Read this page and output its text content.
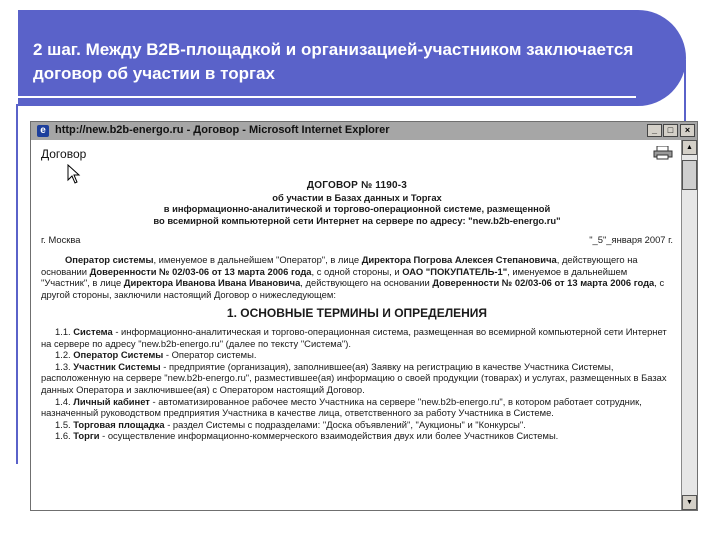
2 шаг. Между B2B-площадкой и организацией-участником заключается договор об участии в торгах
e http://new.b2b-energo.ru - Договор - Microsoft Internet Explorer	_	□	×
Договор	▲
▼
ДОГОВОР № 1190-3
об участии в Базах данных и Торгах
в информационно-аналитической и торгово-операционной системе, размещенной
во всемирной компьютерной сети Интернет на сервере по адресу: "new.b2b-energo.ru"
г. Москва	"_5"_января 2007 г.
Оператор системы, именуемое в дальнейшем "Оператор", в лице Директора Погрова Алексея Степановича, действующего на основании Доверенности № 02/03-06 от 13 марта 2006 года, с одной стороны, и ОАО "ПОКУПАТЕЛЬ-1", именуемое в дальнейшем "Участник", в лице Директора Иванова Ивана Ивановича, действующего на основании Доверенности № 02/03-06 от 13 марта 2006 года, с другой стороны, заключили настоящий Договор о нижеследующем:
1. ОСНОВНЫЕ ТЕРМИНЫ И ОПРЕДЕЛЕНИЯ
1.1. Система - информационно-аналитическая и торгово-операционная система, размещенная во всемирной компьютерной сети Интернет на сервере по адресу "new.b2b-energo.ru" (далее по тексту "Система").
1.2. Оператор Системы - Оператор системы.
1.3. Участник Системы - предприятие (организация), заполнившее(ая) Заявку на регистрацию в качестве Участника Системы, расположенную на сервере "new.b2b-energo.ru", разместившее(ая) информацию о своей продукции (товарах) и услугах, размещенных в Базах данных Оператора и заключившее(ая) с Оператором настоящий Договор.
1.4. Личный кабинет - автоматизированное рабочее место Участника на сервере "new.b2b-energo.ru", в котором работает сотрудник, назначенный руководством предприятия Участника в качестве лица, ответственного за работу Участника в Системе.
1.5. Торговая площадка - раздел Системы с подразделами: "Доска объявлений", "Аукционы" и "Конкурсы".
1.6. Торги - осуществление информационно-коммерческого взаимодействия двух или более Участников Системы.
